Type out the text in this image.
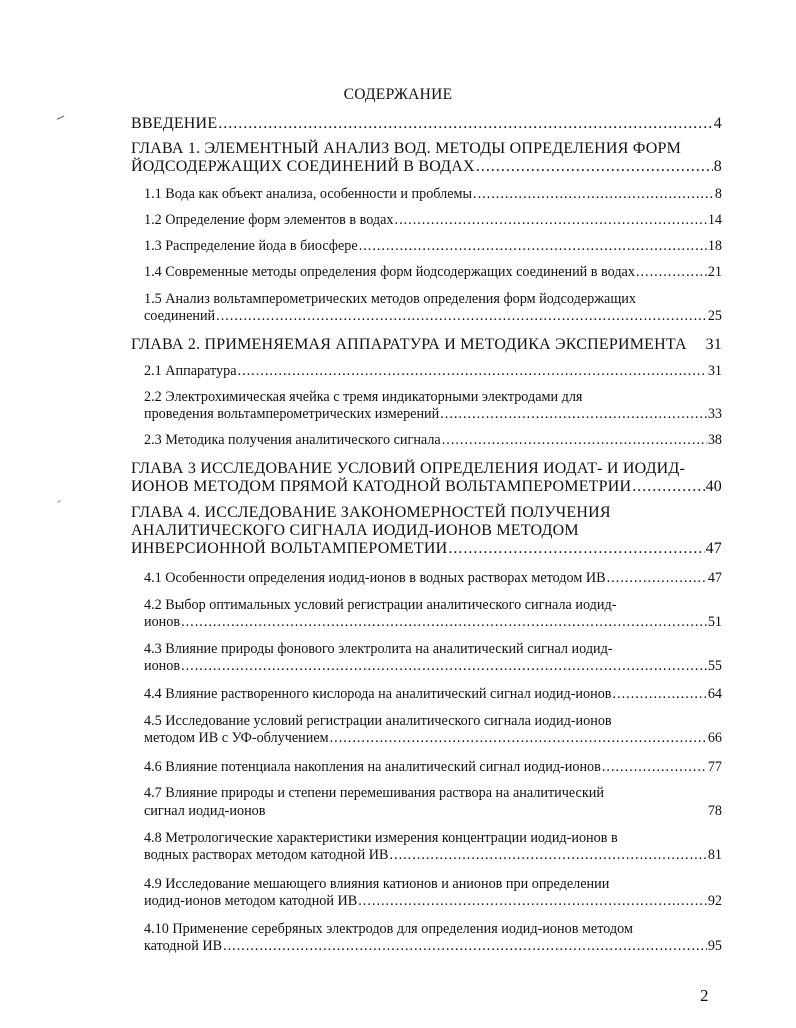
СОДЕРЖАНИЕ
ВВЕДЕНИЕ .....	4
ГЛАВА 1. ЭЛЕМЕНТНЫЙ АНАЛИЗ ВОД. МЕТОДЫ ОПРЕДЕЛЕНИЯ ФОРМ
ЙОДСОДЕРЖАЩИХ СОЕДИНЕНИЙ В ВОДАХ .....	8
1.1 Вода как объект анализа, особенности и проблемы .....	8
1.2 Определение форм элементов в водах .....	14
1.3 Распределение йода в биосфере .....	18
1.4 Современные методы определения форм йодсодержащих соединений в водах .....	21
1.5 Анализ вольтамперометрических методов определения форм йодсодержащих
соединений .....	25
ГЛАВА 2. ПРИМЕНЯЕМАЯ АППАРАТУРА И МЕТОДИКА ЭКСПЕРИМЕНТА 31
2.1 Аппаратура .....	31
2.2 Электрохимическая ячейка с тремя индикаторными электродами для
проведения вольтамперометрических измерений .....	33
2.3 Методика получения аналитического сигнала .....	38
ГЛАВА 3 ИССЛЕДОВАНИЕ УСЛОВИЙ ОПРЕДЕЛЕНИЯ ИОДАТ- И ИОДИД-
ИОНОВ МЕТОДОМ ПРЯМОЙ КАТОДНОЙ ВОЛЬТАМПЕРОМЕТРИИ .....	40
ГЛАВА 4. ИССЛЕДОВАНИЕ ЗАКОНОМЕРНОСТЕЙ ПОЛУЧЕНИЯ
АНАЛИТИЧЕСКОГО СИГНАЛА ИОДИД-ИОНОВ МЕТОДОМ
ИНВЕРСИОННОЙ ВОЛЬТАМПЕРОМЕТИИ .....	47
4.1 Особенности определения иодид-ионов в водных растворах методом ИВ .....	47
4.2 Выбор оптимальных условий регистрации аналитического сигнала иодид-
ионов .....	51
4.3 Влияние природы фонового электролита на аналитический сигнал иодид-
ионов .....	55
4.4 Влияние растворенного кислорода на аналитический сигнал иодид-ионов .....	64
4.5 Исследование условий регистрации аналитического сигнала иодид-ионов
методом ИВ с УФ-облучением .....	66
4.6 Влияние потенциала накопления на аналитический сигнал иодид-ионов .....	77
4.7 Влияние природы и степени перемешивания раствора на аналитический
сигнал иодид-ионов	78
4.8 Метрологические характеристики измерения концентрации иодид-ионов в
водных растворах методом катодной ИВ .....	81
4.9 Исследование мешающего влияния катионов и анионов при определении
иодид-ионов методом катодной ИВ .....	92
4.10 Применение серебряных электродов для определения иодид-ионов методом
катодной ИВ .....	95
2
